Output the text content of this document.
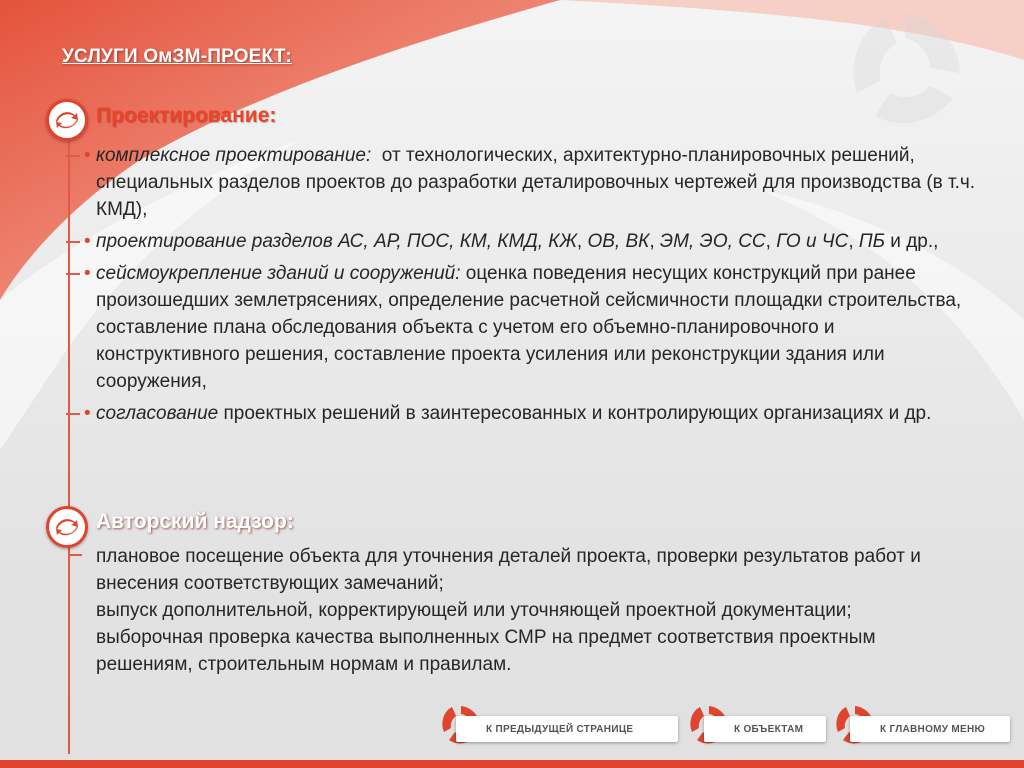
УСЛУГИ ОмЗМ-ПРОЕКТ:
Проектирование:
• комплексное проектирование:  от технологических, архитектурно-планировочных решений, специальных разделов проектов до разработки деталировочных чертежей для производства (в т.ч. КМД),
• проектирование разделов АС, АР, ПОС, КМ, КМД, КЖ, ОВ, ВК, ЭМ, ЭО, СС, ГО и ЧС, ПБ и др.,
• сейсмоукрепление зданий и сооружений: оценка поведения несущих конструкций при ранее произошедших землетрясениях, определение расчетной сейсмичности площадки строительства, составление плана обследования объекта с учетом его объемно-планировочного и конструктивного решения, составление проекта усиления или реконструкции здания или сооружения,
• согласование проектных решений в заинтересованных и контролирующих организациях и др.
Авторский надзор:
плановое посещение объекта для уточнения деталей проекта, проверки результатов работ и внесения соответствующих замечаний;
выпуск дополнительной, корректирующей или уточняющей проектной документации;
выборочная проверка качества выполненных СМР на предмет соответствия проектным решениям, строительным нормам и правилам.
К ПРЕДЫДУЩЕЙ СТРАНИЦЕ	К ОБЪЕКТАМ	К ГЛАВНОМУ МЕНЮ
